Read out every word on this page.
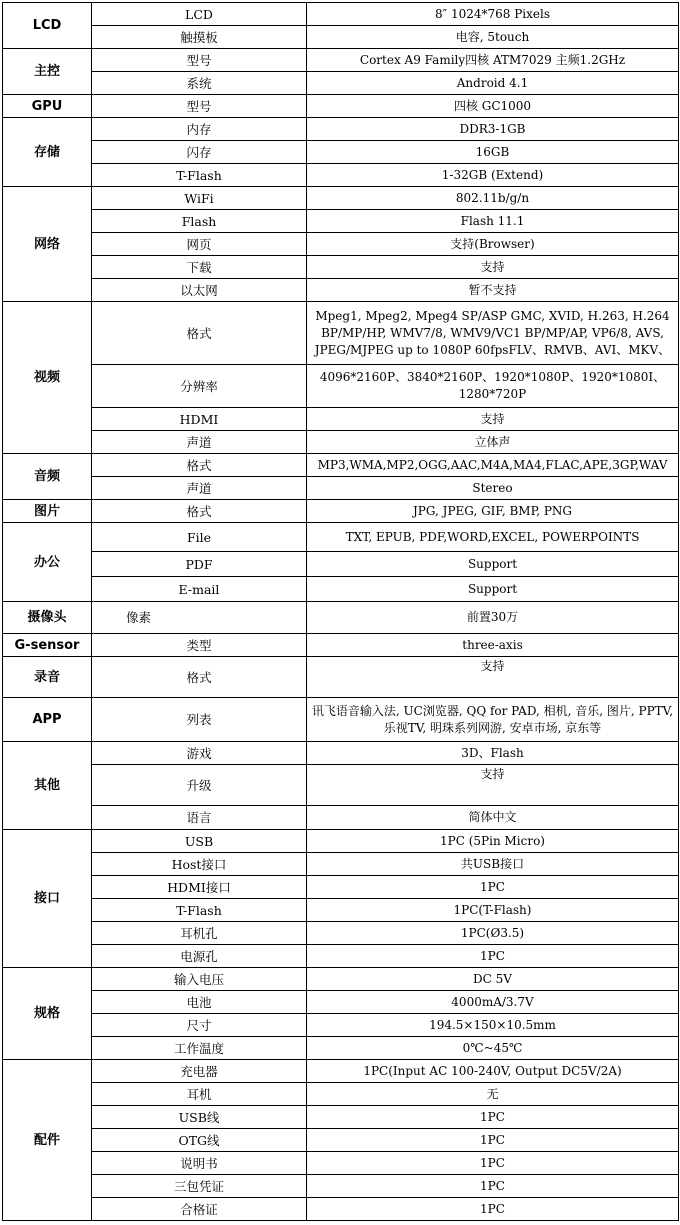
LCD	LCD	8″ 1024*768 Pixels
	触摸板	电容, 5touch
主控	型号	Cortex A9 Family四核 ATM7029 主频1.2GHz
	系统	Android 4.1
GPU	型号	四核 GC1000
存储	内存	DDR3-1GB
	闪存	16GB
	T-Flash	1-32GB (Extend)
网络	WiFi	802.11b/g/n
	Flash	Flash 11.1
	网页	支持(Browser)
	下载	支持
	以太网	暂不支持
视频	格式	Mpeg1, Mpeg2, Mpeg4 SP/ASP GMC, XVID, H.263, H.264 BP/MP/HP, WMV7/8, WMV9/VC1 BP/MP/AP, VP6/8, AVS, JPEG/MJPEG up to 1080P 60fpsFLV、RMVB、AVI、MKV、
	分辨率	4096*2160P、3840*2160P、1920*1080P、1920*1080I、1280*720P
	HDMI	支持
	声道	立体声
音频	格式	MP3,WMA,MP2,OGG,AAC,M4A,MA4,FLAC,APE,3GP,WAV
	声道	Stereo
图片	格式	JPG, JPEG, GIF, BMP, PNG
办公	File	TXT, EPUB, PDF,WORD,EXCEL, POWERPOINTS
	PDF	Support
	E-mail	Support
摄像头	像素	前置30万
G-sensor	类型	three-axis
录音	格式	支持
APP	列表	讯飞语音输入法, UC浏览器, QQ for PAD, 相机, 音乐, 图片, PPTV, 乐视TV, 明珠系列网游, 安卓市场, 京东等
其他	游戏	3D、Flash
	升级	支持
	语言	简体中文
接口	USB	1PC (5Pin Micro)
	Host接口	共USB接口
	HDMI接口	1PC
	T-Flash	1PC(T-Flash)
	耳机孔	1PC(Ø3.5)
	电源孔	1PC
规格	输入电压	DC 5V
	电池	4000mA/3.7V
	尺寸	194.5×150×10.5mm
	工作温度	0℃~45℃
配件	充电器	1PC(Input AC 100-240V, Output DC5V/2A)
	耳机	无
	USB线	1PC
	OTG线	1PC
	说明书	1PC
	三包凭证	1PC
	合格证	1PC
